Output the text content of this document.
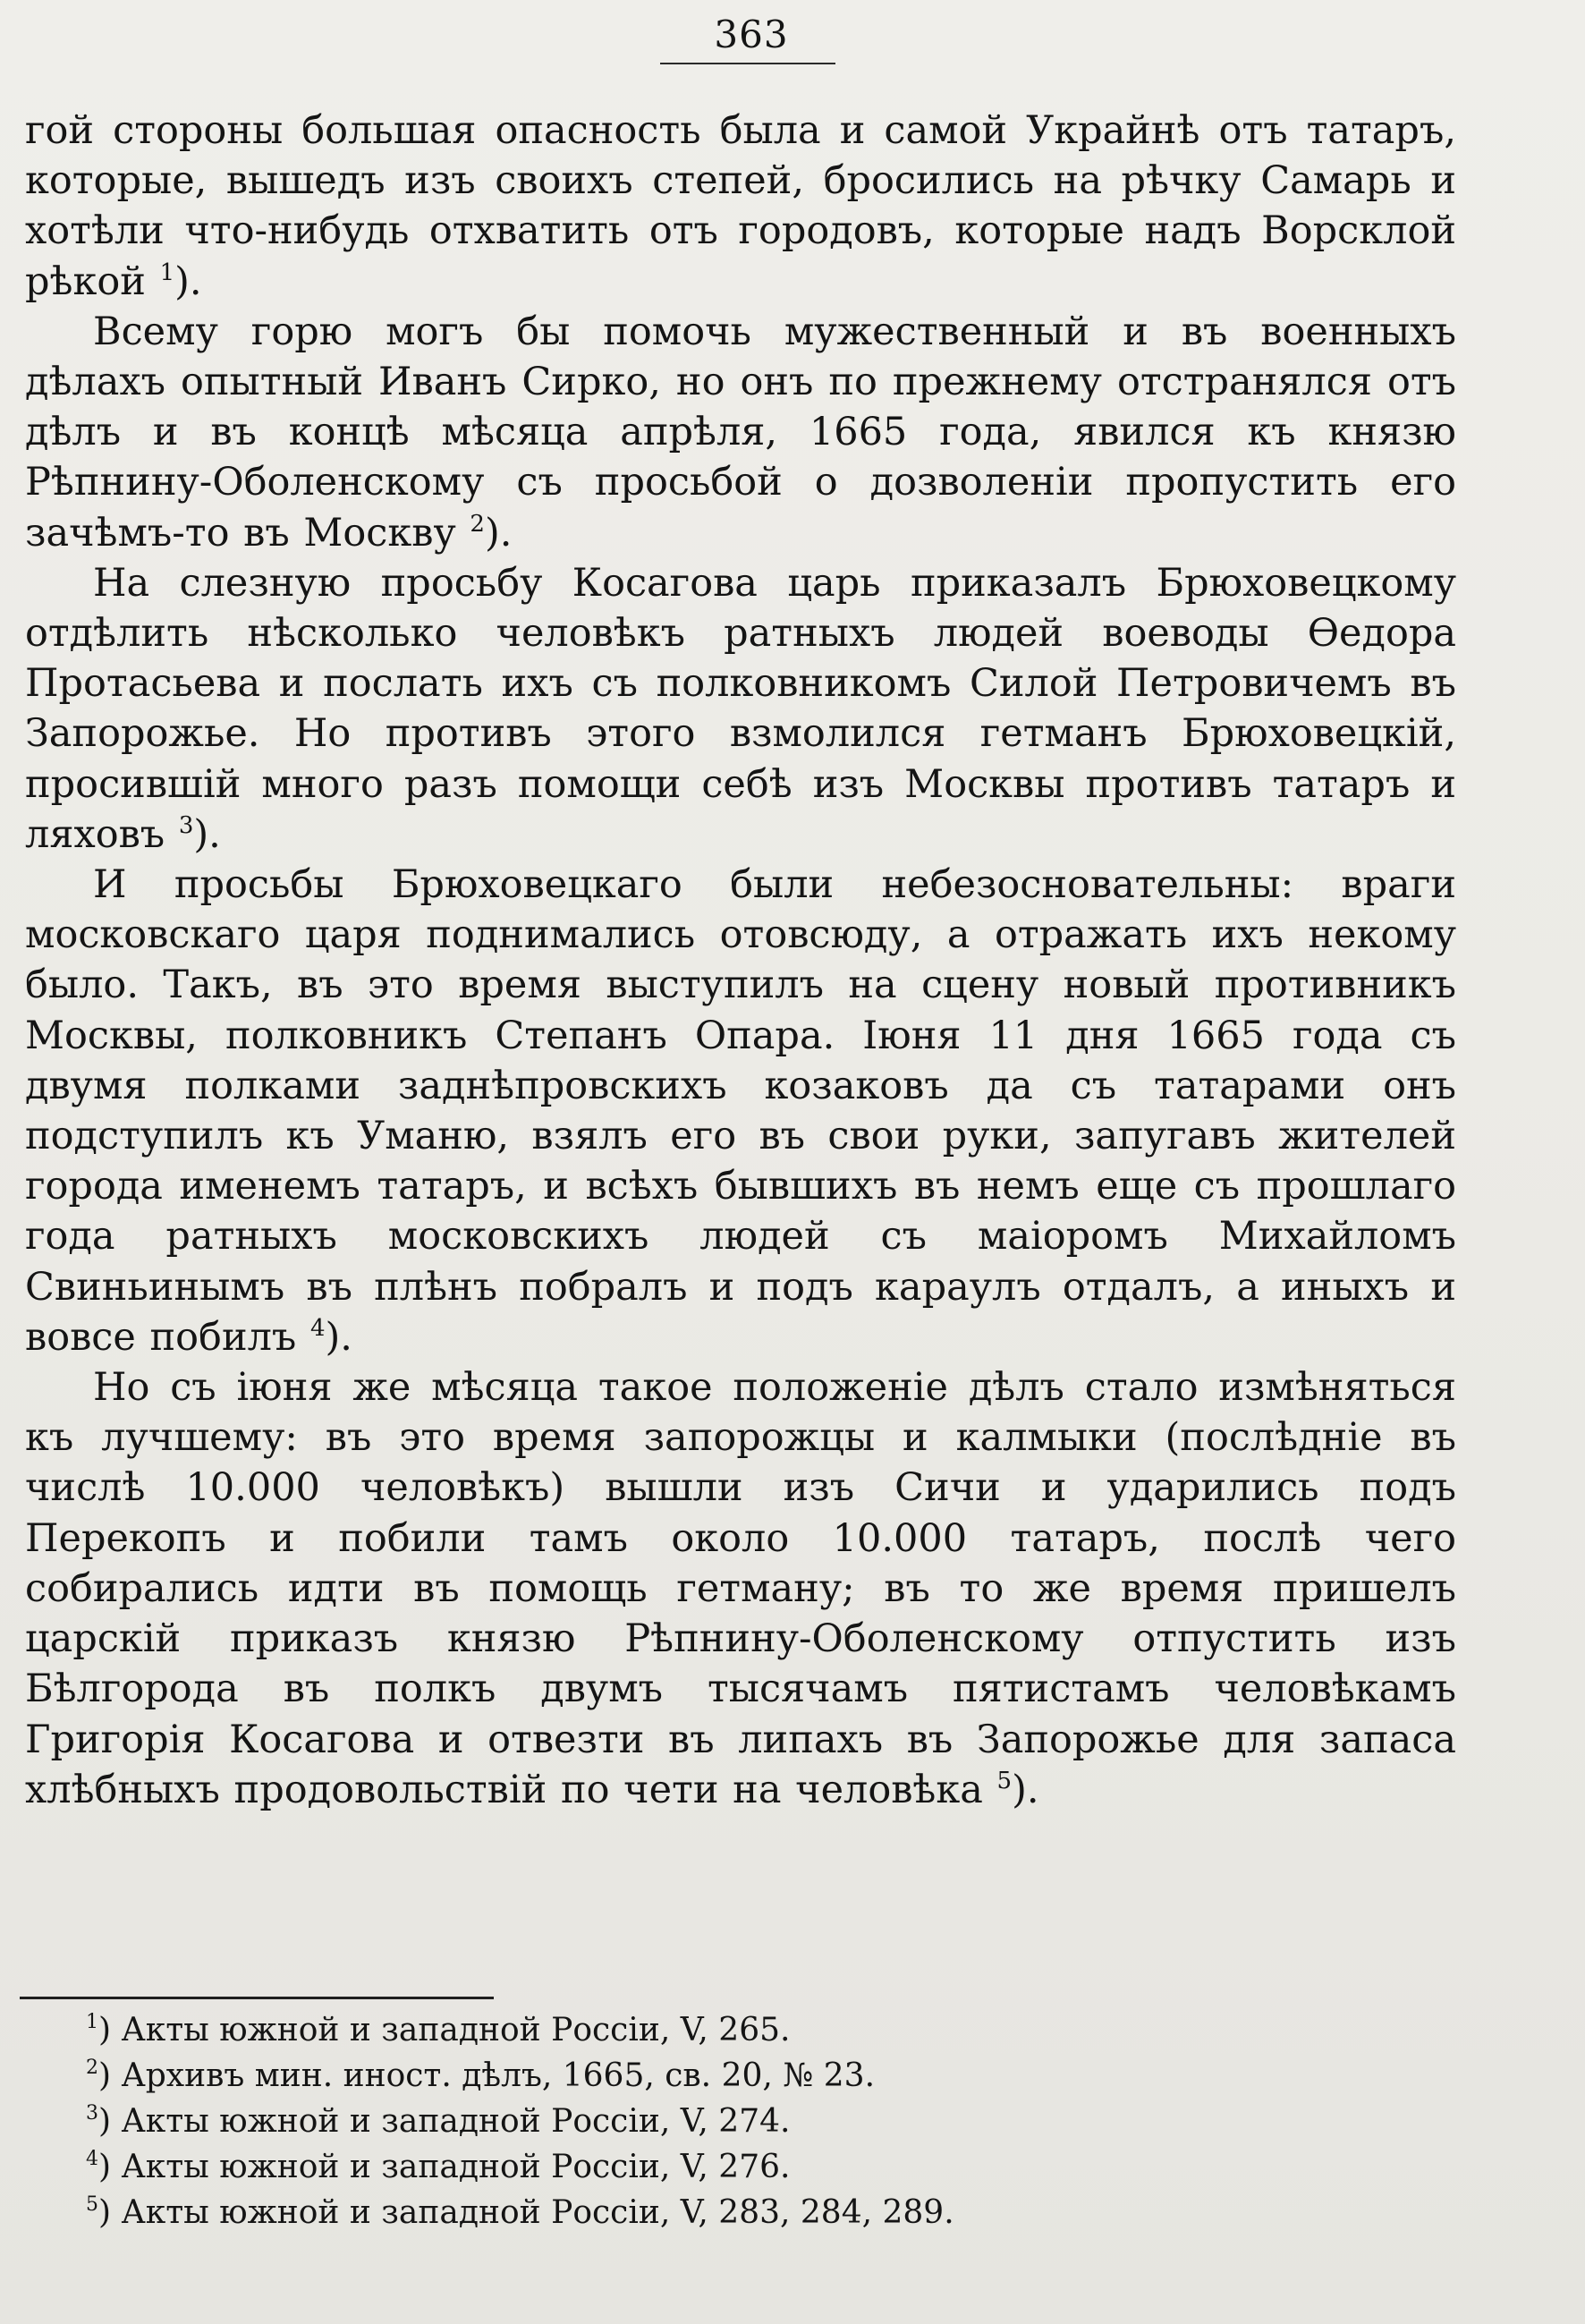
363

гой стороны большая опасность была и самой Украйнѣ отъ татаръ, которые, вышедъ изъ своихъ степей, бросились на рѣчку Самарь и хотѣли что-нибудь отхватить отъ городовъ, которые надъ Ворсклой рѣкой $^1$).

Всему горю могъ бы помочь мужественный и въ военныхъ дѣлахъ опытный Иванъ Сирко, но онъ по прежнему отстранялся отъ дѣлъ и въ концѣ мѣсяца апрѣля, 1665 года, явился къ князю Рѣпнину-Оболенскому съ просьбой о дозволенiи пропустить его зачѣмъ-то въ Москву $^2$).

На слезную просьбу Косагова царь приказалъ Брюховецкому отдѣлить нѣсколько человѣкъ ратныхъ людей воеводы Ѳедора Протасьева и послать ихъ съ полковникомъ Силой Петровичемъ въ Запорожье. Но противъ этого взмолился гетманъ Брюховецкiй, просившiй много разъ помощи себѣ изъ Москвы противъ татаръ и ляховъ $^3$).

И просьбы Брюховецкаго были небезосновательны: враги московскаго царя поднимались отовсюду, а отражать ихъ некому было. Такъ, въ это время выступилъ на сцену новый противникъ Москвы, полковникъ Степанъ Опара. Iюня 11 дня 1665 года съ двумя полками заднѣпровскихъ козаковъ да съ татарами онъ подступилъ къ Уманю, взялъ его въ свои руки, запугавъ жителей города именемъ татаръ, и всѣхъ бывшихъ въ немъ еще съ прошлаго года ратныхъ московскихъ людей съ маiоромъ Михайломъ Свиньинымъ въ плѣнъ побралъ и подъ караулъ отдалъ, а иныхъ и вовсе побилъ $^4$).

Но съ iюня же мѣсяца такое положенiе дѣлъ стало измѣняться къ лучшему: въ это время запорожцы и калмыки (послѣднiе въ числѣ 10.000 человѣкъ) вышли изъ Сичи и ударились подъ Перекопъ и побили тамъ около 10.000 татаръ, послѣ чего собирались идти въ помощь гетману; въ то же время пришелъ царскiй приказъ князю Рѣпнину-Оболенскому отпустить изъ Бѣлгорода въ полкъ двумъ тысячамъ пятистамъ человѣкамъ Григорiя Косагова и отвезти въ липахъ въ Запорожье для запаса хлѣбныхъ продовольствiй по чети на человѣка $^5$).

$^1$) Акты южной и западной Россiи, V, 265.
$^2$) Архивъ мин. иност. дѣлъ, 1665, св. 20, № 23.
$^3$) Акты южной и западной Россiи, V, 274.
$^4$) Акты южной и западной Россiи, V, 276.
$^5$) Акты южной и западной Россiи, V, 283, 284, 289.
